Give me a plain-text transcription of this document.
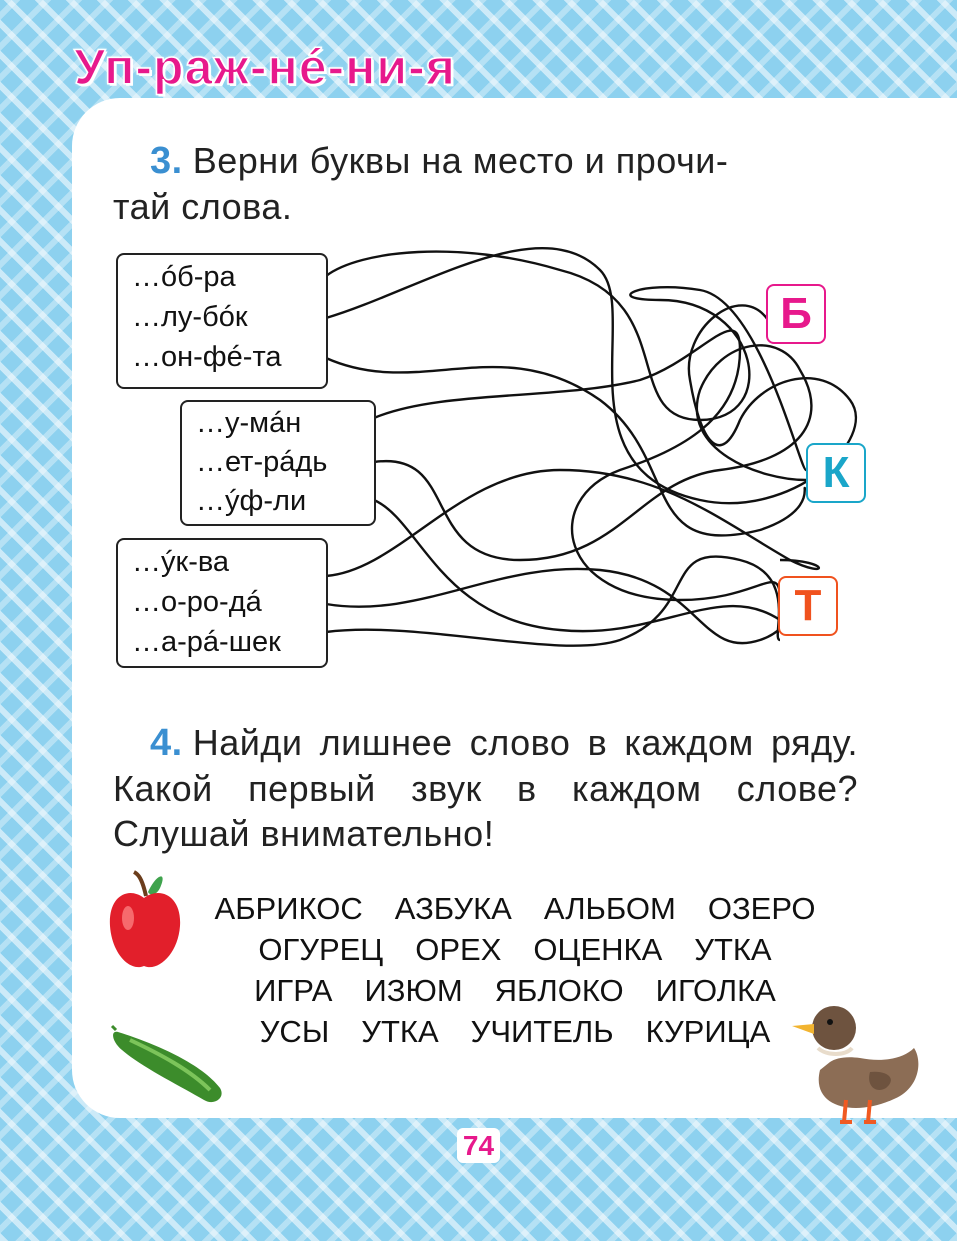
Уп-раж-нé-ни-я
3. Верни буквы на место и прочи-
тай слова.
…óб-ра
…лу-бóк
…он-фé-та
…у-мáн
…ет-рáдь
…ýф-ли
…ýк-ва
…о-ро-дá
…а-рá-шек
Б
К
Т
4. Найди лишнее слово в каждом ряду. Какой первый звук в каждом слове? Слушай внимательно!
АБРИКОС АЗБУКА АЛЬБОМ ОЗЕРО
ОГУРЕЦ ОРЕХ ОЦЕНКА УТКА
ИГРА ИЗЮМ ЯБЛОКО ИГОЛКА
УСЫ УТКА УЧИТЕЛЬ КУРИЦА
74
